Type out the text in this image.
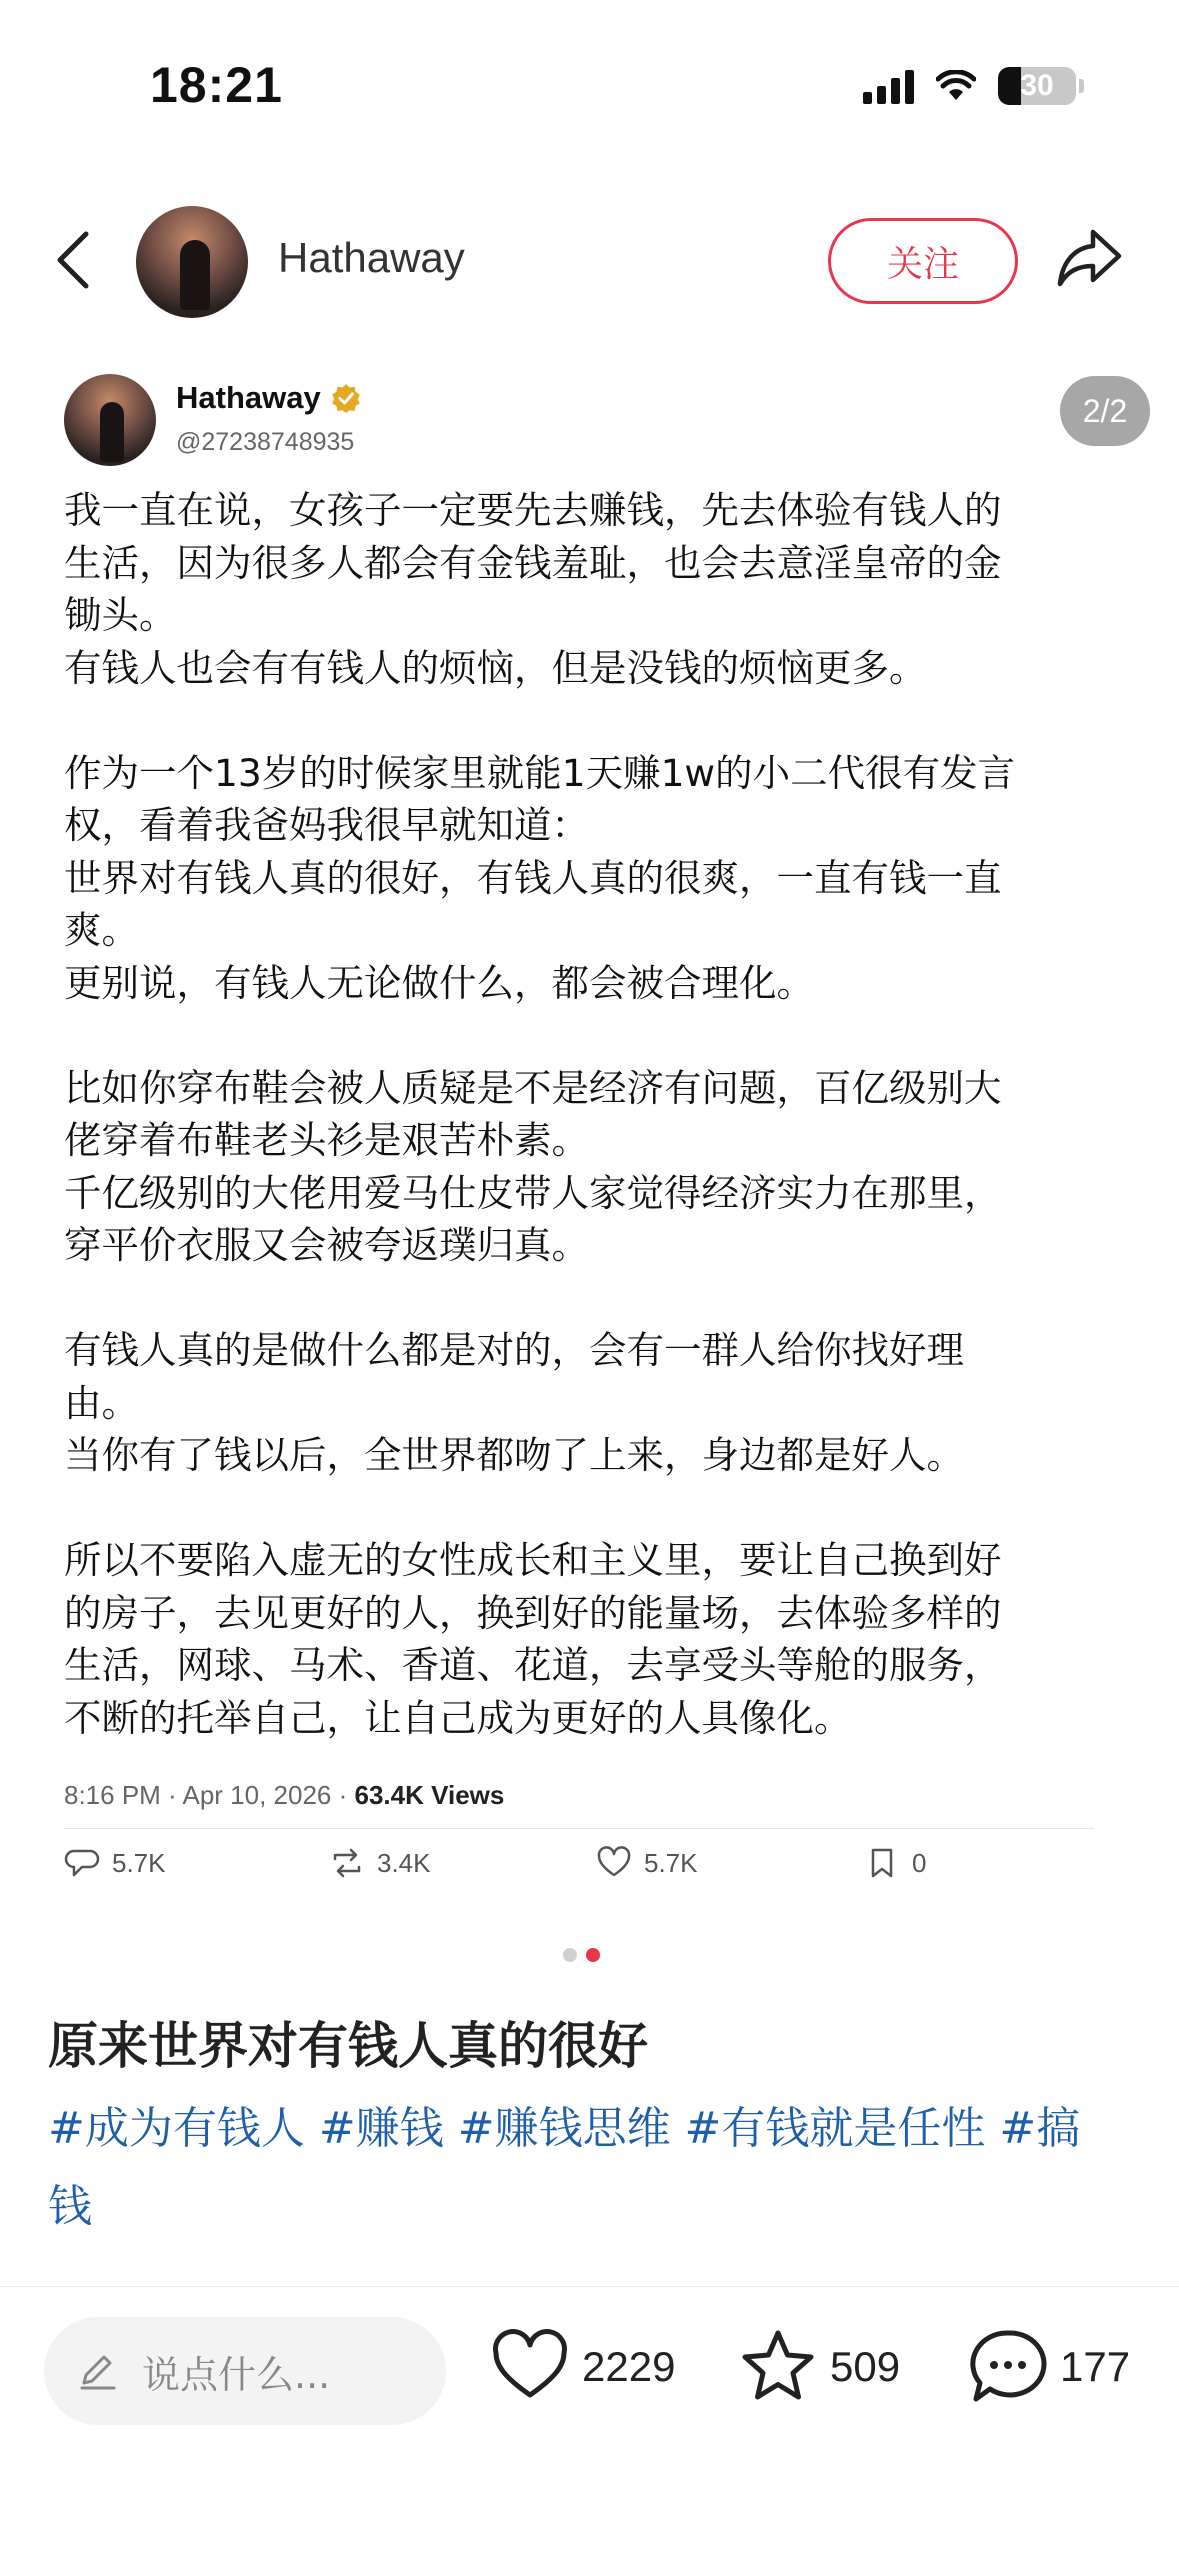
18:21	30
Hathaway	关注
Hathaway
@27238748935
2/2

我一直在说，女孩子一定要先去赚钱，先去体验有钱人的

生活，因为很多人都会有金钱羞耻，也会去意淫皇帝的金

锄头。

有钱人也会有有钱人的烦恼，但是没钱的烦恼更多。

作为一个13岁的时候家里就能1天赚1w的小二代很有发言

权，看着我爸妈我很早就知道：

世界对有钱人真的很好，有钱人真的很爽，一直有钱一直

爽。

更别说，有钱人无论做什么，都会被合理化。

比如你穿布鞋会被人质疑是不是经济有问题，百亿级别大

佬穿着布鞋老头衫是艰苦朴素。

千亿级别的大佬用爱马仕皮带人家觉得经济实力在那里，

穿平价衣服又会被夸返璞归真。

有钱人真的是做什么都是对的，会有一群人给你找好理

由。

当你有了钱以后，全世界都吻了上来，身边都是好人。

所以不要陷入虚无的女性成长和主义里，要让自己换到好

的房子，去见更好的人，换到好的能量场，去体验多样的

生活，网球、马术、香道、花道，去享受头等舱的服务，

不断的托举自己，让自己成为更好的人具像化。

8:16 PM · Apr 10, 2026 · 63.4K Views
5.7K	3.4K	5.7K	0
原来世界对有钱人真的很好
#成为有钱人 #赚钱 #赚钱思维 #有钱就是任性 #搞
钱
说点什么...	2229	509	177
